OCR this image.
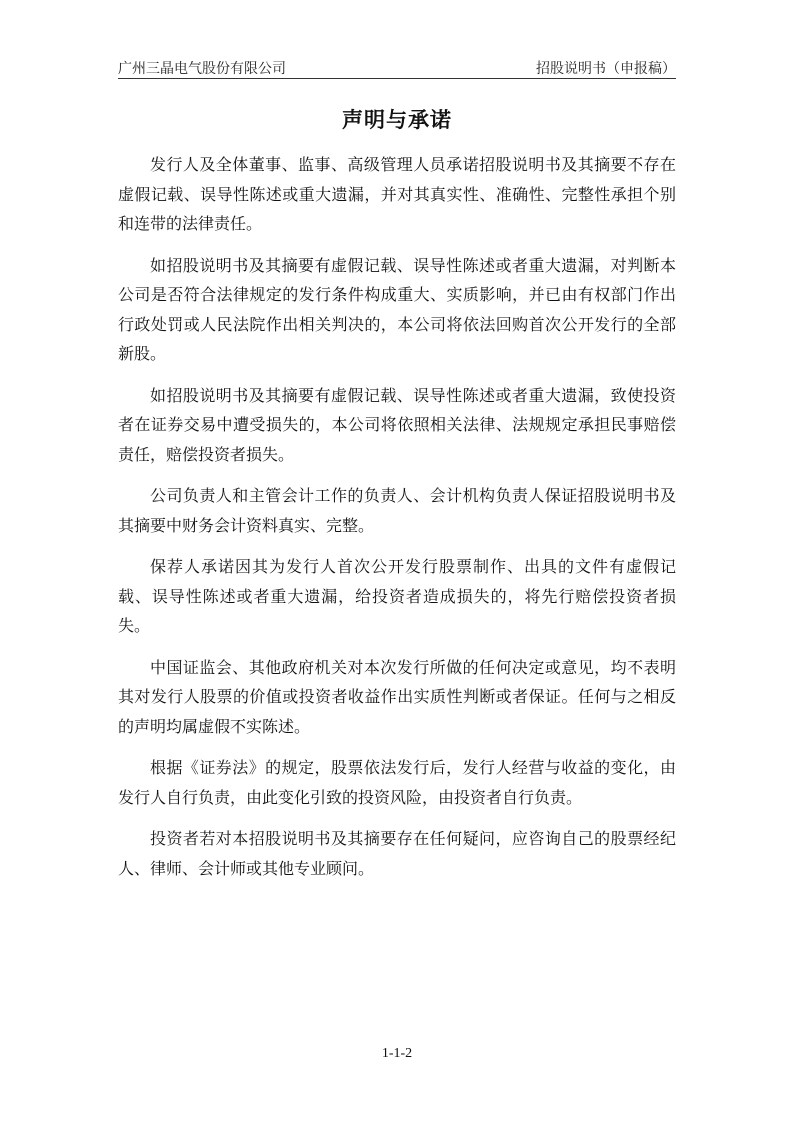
广州三晶电气股份有限公司	招股说明书（申报稿）
声明与承诺

发行人及全体董事、监事、高级管理人员承诺招股说明书及其摘要不存在虚假记载、误导性陈述或重大遗漏，并对其真实性、准确性、完整性承担个别和连带的法律责任。

如招股说明书及其摘要有虚假记载、误导性陈述或者重大遗漏，对判断本公司是否符合法律规定的发行条件构成重大、实质影响，并已由有权部门作出行政处罚或人民法院作出相关判决的，本公司将依法回购首次公开发行的全部新股。

如招股说明书及其摘要有虚假记载、误导性陈述或者重大遗漏，致使投资者在证券交易中遭受损失的，本公司将依照相关法律、法规规定承担民事赔偿责任，赔偿投资者损失。

公司负责人和主管会计工作的负责人、会计机构负责人保证招股说明书及其摘要中财务会计资料真实、完整。

保荐人承诺因其为发行人首次公开发行股票制作、出具的文件有虚假记载、误导性陈述或者重大遗漏，给投资者造成损失的，将先行赔偿投资者损失。

中国证监会、其他政府机关对本次发行所做的任何决定或意见，均不表明其对发行人股票的价值或投资者收益作出实质性判断或者保证。任何与之相反的声明均属虚假不实陈述。

根据《证券法》的规定，股票依法发行后，发行人经营与收益的变化，由发行人自行负责，由此变化引致的投资风险，由投资者自行负责。

投资者若对本招股说明书及其摘要存在任何疑问，应咨询自己的股票经纪人、律师、会计师或其他专业顾问。

1-1-2
